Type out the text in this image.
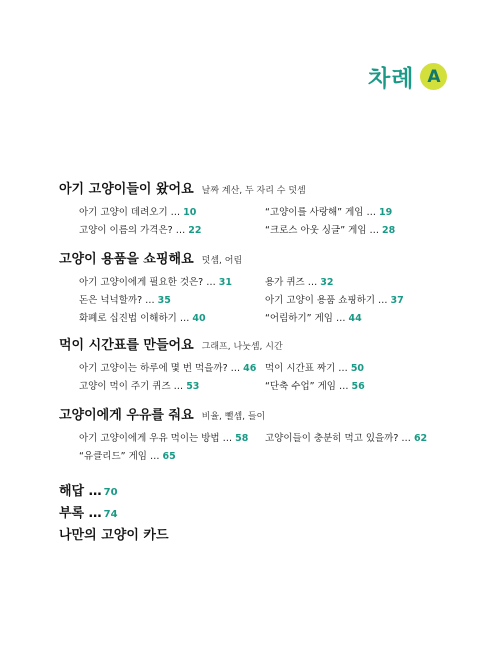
차례 A
아기 고양이들이 왔어요 날짜 계산, 두 자리 수 덧셈
아기 고양이 데려오기 … 10	“고양이를 사랑해” 게임 … 19
고양이 이름의 가격은? … 22	“크로스 아웃 싱글” 게임 … 28
고양이 용품을 쇼핑해요 덧셈, 어림
아기 고양이에게 필요한 것은? … 31	용가 퀴즈 … 32
돈은 넉넉할까? … 35	아기 고양이 용품 쇼핑하기 … 37
화폐로 십진법 이해하기 … 40	“어림하기” 게임 … 44
먹이 시간표를 만들어요 그래프, 나눗셈, 시간
아기 고양이는 하루에 몇 번 먹을까? … 46 먹이 시간표 짜기 … 50
고양이 먹이 주기 퀴즈 … 53	“단축 수업” 게임 … 56
고양이에게 우유를 줘요 비율, 뺄셈, 들이
아기 고양이에게 우유 먹이는 방법 … 58 고양이들이 충분히 먹고 있을까? … 62
“유클리드” 게임 … 65
해답 … 70
부록 … 74
나만의 고양이 카드
